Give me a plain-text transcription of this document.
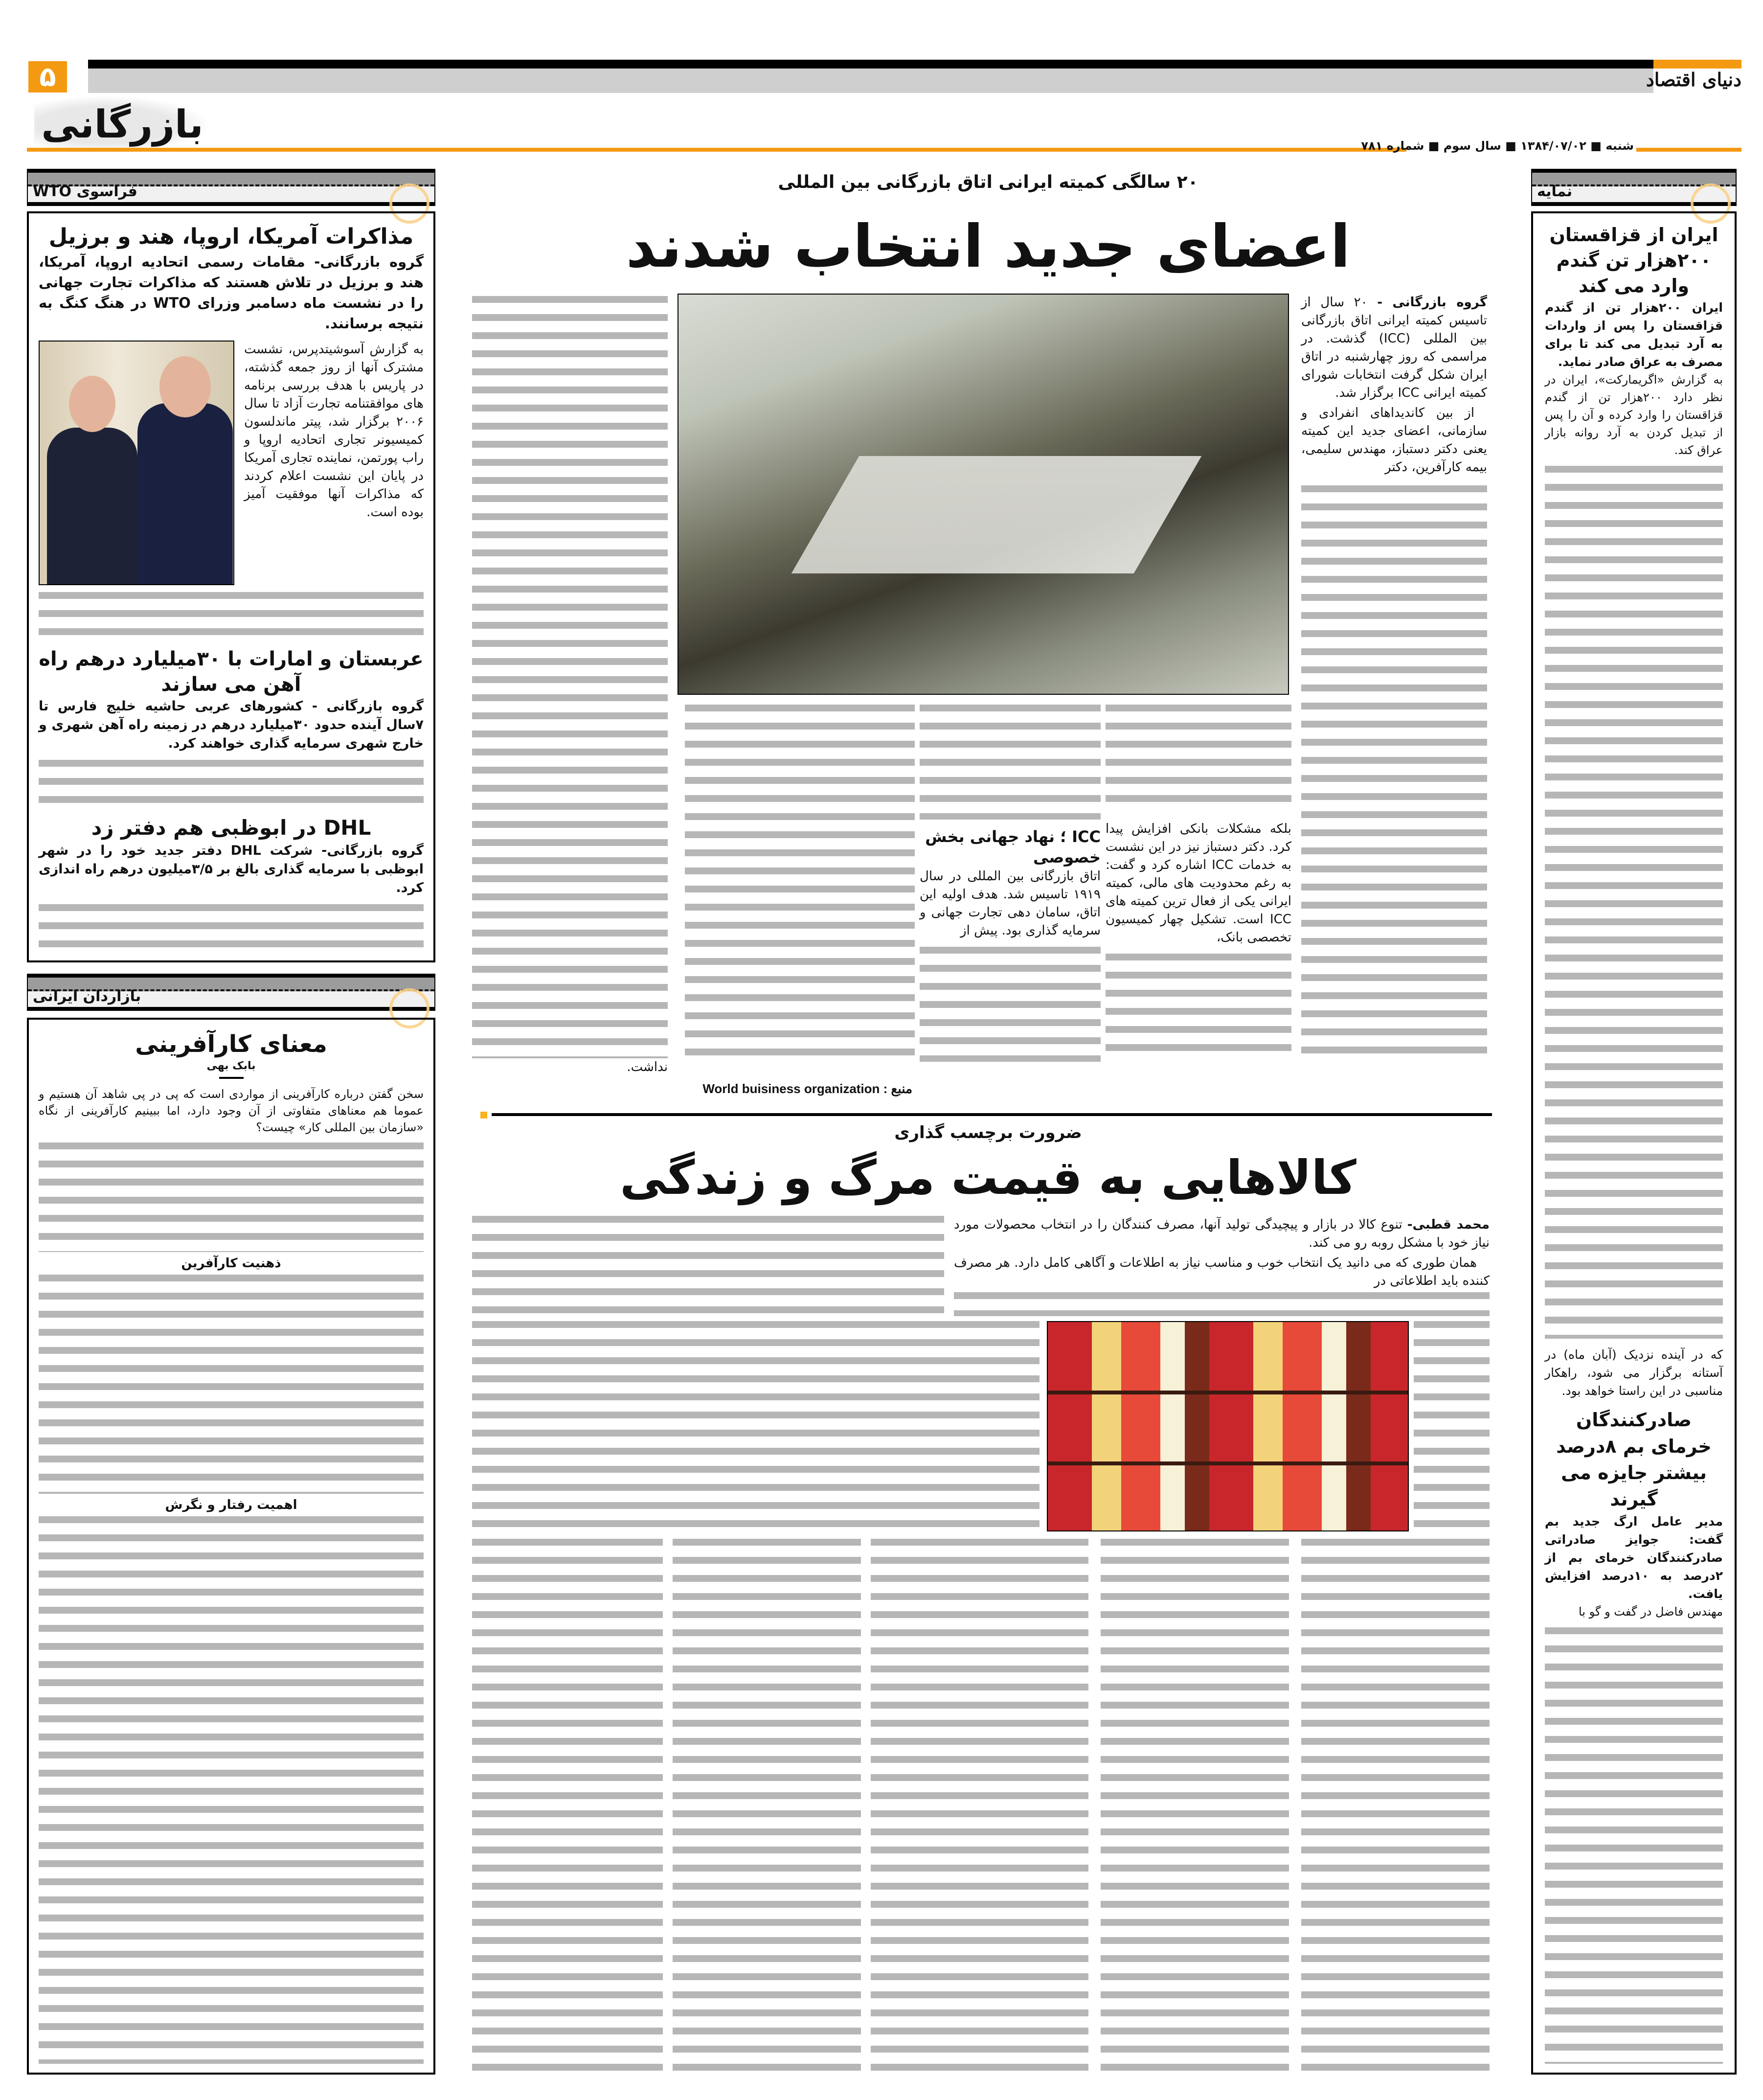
۵	دنیای اقتصاد
بازرگانی	شنبه ■ ۱۳۸۴/۰۷/۰۲ ■ سال سوم ■ شماره ۷۸۱
فراسوی WTO
مذاکرات آمریکا، اروپا، هند و برزیل
گروه بازرگانی- مقامات رسمی اتحادیه اروپا، آمریکا، هند و برزیل در تلاش هستند که مذاکرات تجارت جهانی را در نشست ماه دسامبر وزرای WTO در هنگ کنگ به نتیجه برسانند.
به گزارش آسوشیتدپرس، نشست مشترک آنها از روز جمعه گذشته، در پاریس با هدف بررسی برنامه های موافقتنامه تجارت آزاد تا سال ۲۰۰۶ برگزار شد، پیتر ماندلسون کمیسیونر تجاری اتحادیه اروپا و راب پورتمن، نماینده تجاری آمریکا در پایان این نشست اعلام کردند که مذاکرات آنها موفقیت آمیز بوده است.
عربستان و امارات با ۳۰میلیارد درهم راه آهن می سازند
گروه بازرگانی - کشورهای عربی حاشیه خلیج فارس تا ۷سال آینده حدود ۳۰میلیارد درهم در زمینه راه آهن شهری و خارج شهری سرمایه گذاری خواهند کرد.
DHL در ابوظبی هم دفتر زد
گروه بازرگانی- شرکت DHL دفتر جدید خود را در شهر ابوظبی با سرمایه گذاری بالغ بر ۳/۵میلیون درهم راه اندازی کرد.
بازاردان ایرانی
معنای کارآفرینی
بابک بهی
سخن گفتن درباره کارآفرینی از مواردی است که پی در پی شاهد آن هستیم و عموما هم معناهای متفاوتی از آن وجود دارد، اما ببینیم کارآفرینی از نگاه «سازمان بین المللی کار» چیست؟
ذهنیت کارآفرین
اهمیت رفتار و نگرش
۲۰ سالگی کمیته ایرانی اتاق بازرگانی بین المللی
اعضای جدید انتخاب شدند

گروه بازرگانی - ۲۰ سال از تاسیس کمیته ایرانی اتاق بازرگانی بین المللی (ICC) گذشت. در مراسمی که روز چهارشنبه در اتاق ایران شکل گرفت انتخابات شورای کمیته ایرانی ICC برگزار شد.

از بین کاندیداهای انفرادی و سازمانی، اعضای جدید این کمیته یعنی دکتر دستباز، مهندس سلیمی، بیمه کارآفرین، دکتر

بلکه مشکلات بانکی افزایش پیدا کرد. دکتر دستباز نیز در این نشست به خدمات ICC اشاره کرد و گفت: به رغم محدودیت های مالی، کمیته ایرانی یکی از فعال ترین کمیته های ICC است. تشکیل چهار کمیسیون تخصصی بانک،
ICC ؛ نهاد جهانی بخش خصوصی
اتاق بازرگانی بین المللی در سال ۱۹۱۹ تاسیس شد. هدف اولیه این اتاق، سامان دهی تجارت جهانی و سرمایه گذاری بود. پیش از
نداشت.
منبع : World buisiness organization
ضرورت برچسب گذاری
کالاهایی به قیمت مرگ و زندگی

محمد قطبی- تنوع کالا در بازار و پیچیدگی تولید آنها، مصرف کنندگان را در انتخاب محصولات مورد نیاز خود با مشکل روبه رو می کند.

همان طوری که می دانید یک انتخاب خوب و مناسب نیاز به اطلاعات و آگاهی کامل دارد. هر مصرف کننده باید اطلاعاتی در

نمایه
ایران از قزاقستان ۲۰۰هزار تن گندم وارد می کند
ایران ۲۰۰هزار تن از گندم قزاقستان را پس از واردات به آرد تبدیل می کند تا برای مصرف به عراق صادر نماید.
به گزارش «اگریمارکت»، ایران در نظر دارد ۲۰۰هزار تن از گندم قزاقستان را وارد کرده و آن را پس از تبدیل کردن به آرد روانه بازار عراق کند.
که در آینده نزدیک (آبان ماه) در آستانه برگزار می شود، راهکار مناسبی در این راستا خواهد بود.
صادرکنندگان خرمای بم ۸درصد بیشتر جایزه می گیرند
مدیر عامل ارگ جدید بم گفت: جوایز صادراتی صادرکنندگان خرمای بم از ۲درصد به ۱۰درصد افزایش یافت.
مهندس فاضل در گفت و گو با
